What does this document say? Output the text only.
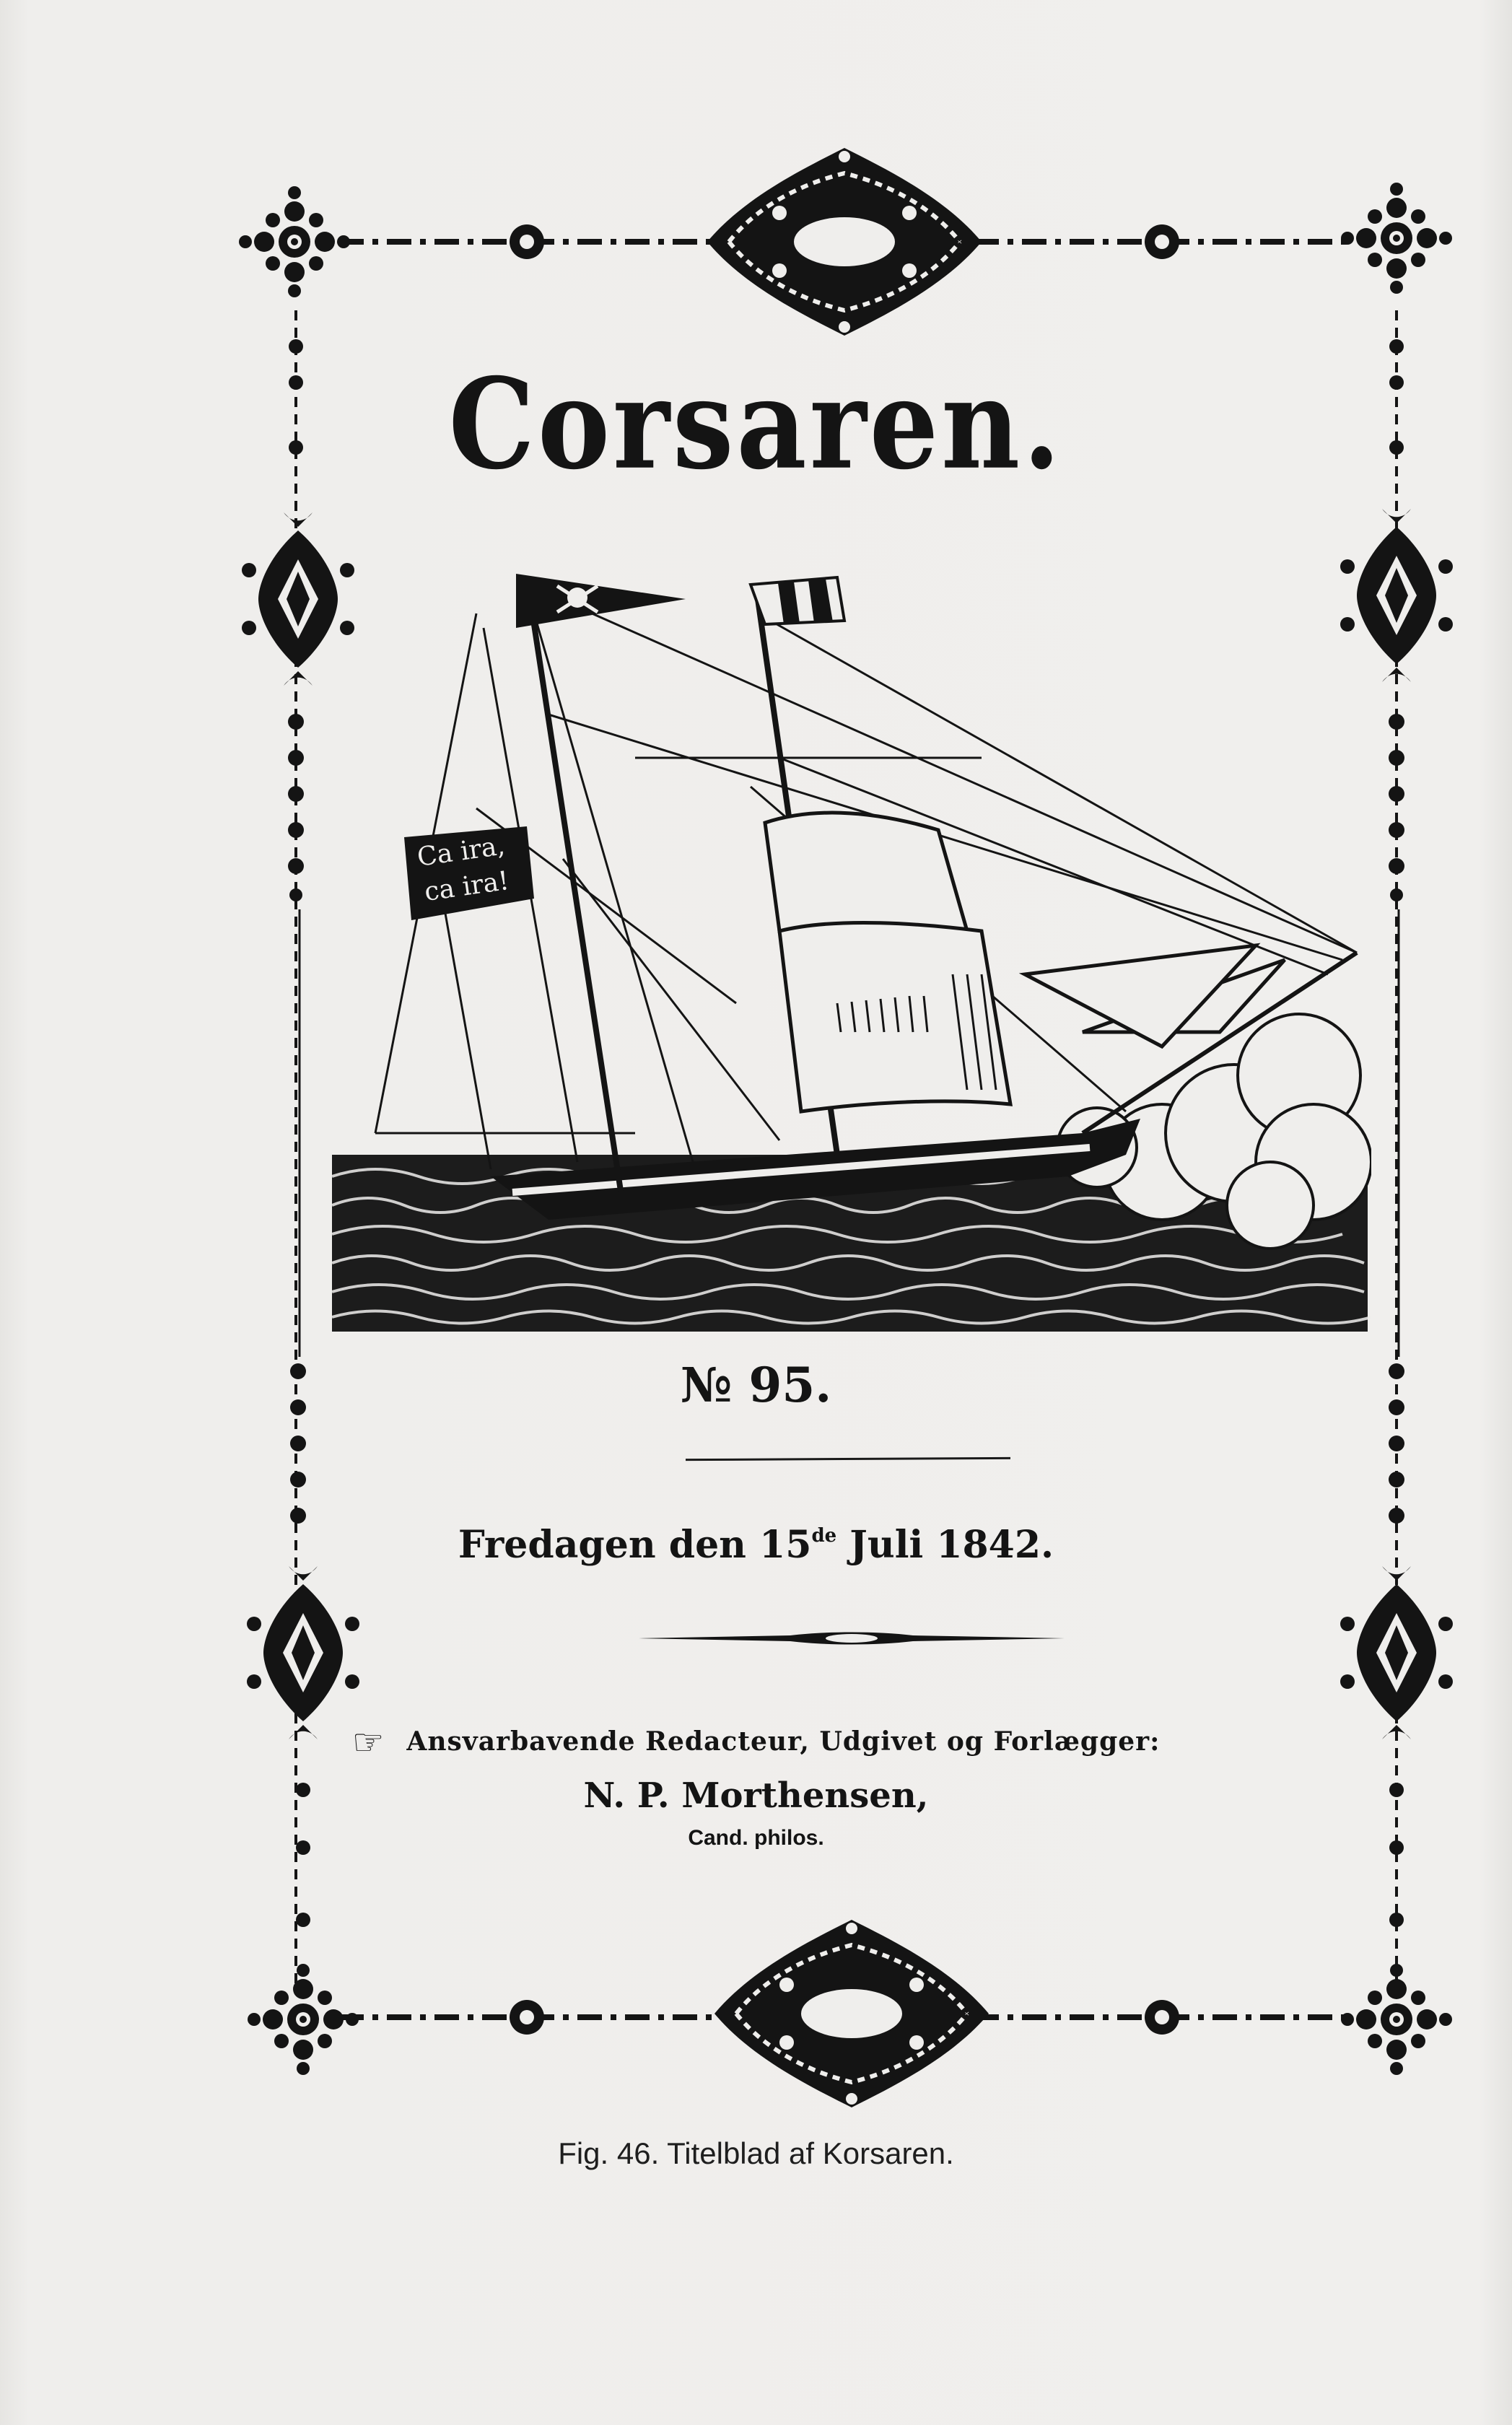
Corsaren.
Ca ira,
ca ira!
№ 95.
Fredagen den 15de Juli 1842.
☞ Ansvarbavende Redacteur, Udgivet og Forlægger:
N. P. Morthensen,
Cand. philos.
Fig. 46. Titelblad af Korsaren.
